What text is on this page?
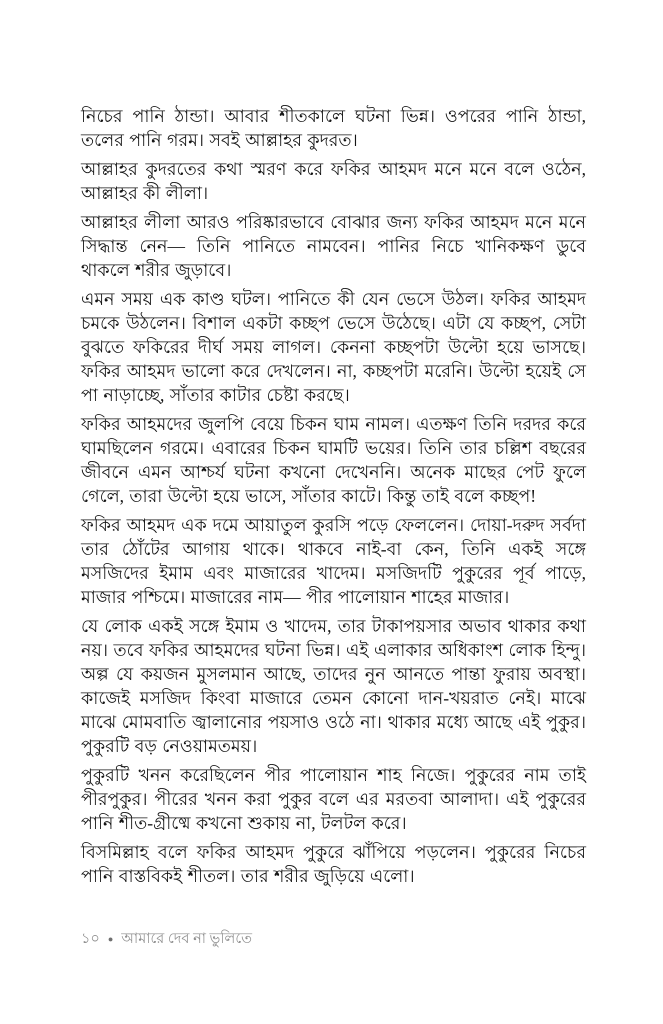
নিচের পানি ঠান্ডা। আবার শীতকালে ঘটনা ভিন্ন। ওপরের পানি ঠান্ডা, তলের পানি গরম। সবই আল্লাহর কুদরত।

আল্লাহর কুদরতের কথা স্মরণ করে ফকির আহমদ মনে মনে বলে ওঠেন, আল্লাহর কী লীলা।

আল্লাহর লীলা আরও পরিষ্কারভাবে বোঝার জন্য ফকির আহমদ মনে মনে সিদ্ধান্ত নেন— তিনি পানিতে নামবেন। পানির নিচে খানিকক্ষণ ডুবে থাকলে শরীর জুড়াবে।

এমন সময় এক কাণ্ড ঘটল। পানিতে কী যেন ভেসে উঠল। ফকির আহমদ চমকে উঠলেন। বিশাল একটা কচ্ছপ ভেসে উঠেছে। এটা যে কচ্ছপ, সেটা বুঝতে ফকিরের দীর্ঘ সময় লাগল। কেননা কচ্ছপটা উল্টো হয়ে ভাসছে। ফকির আহমদ ভালো করে দেখলেন। না, কচ্ছপটা মরেনি। উল্টো হয়েই সে পা নাড়াচ্ছে, সাঁতার কাটার চেষ্টা করছে।

ফকির আহমদের জুলপি বেয়ে চিকন ঘাম নামল। এতক্ষণ তিনি দরদর করে ঘামছিলেন গরমে। এবারের চিকন ঘামটি ভয়ের। তিনি তার চল্লিশ বছরের জীবনে এমন আশ্চর্য ঘটনা কখনো দেখেননি। অনেক মাছের পেট ফুলে গেলে, তারা উল্টো হয়ে ভাসে, সাঁতার কাটে। কিন্তু তাই বলে কচ্ছপ!

ফকির আহমদ এক দমে আয়াতুল কুরসি পড়ে ফেললেন। দোয়া-দরুদ সর্বদা তার ঠোঁটের আগায় থাকে। থাকবে নাই-বা কেন, তিনি একই সঙ্গে মসজিদের ইমাম এবং মাজারের খাদেম। মসজিদটি পুকুরের পূর্ব পাড়ে, মাজার পশ্চিমে। মাজারের নাম— পীর পালোয়ান শাহের মাজার।

যে লোক একই সঙ্গে ইমাম ও খাদেম, তার টাকাপয়সার অভাব থাকার কথা নয়। তবে ফকির আহমদের ঘটনা ভিন্ন। এই এলাকার অধিকাংশ লোক হিন্দু। অল্প যে কয়জন মুসলমান আছে, তাদের নুন আনতে পান্তা ফুরায় অবস্থা। কাজেই মসজিদ কিংবা মাজারে তেমন কোনো দান-খয়রাত নেই। মাঝে মাঝে মোমবাতি জ্বালানোর পয়সাও ওঠে না। থাকার মধ্যে আছে এই পুকুর। পুকুরটি বড় নেওয়ামতময়।

পুকুরটি খনন করেছিলেন পীর পালোয়ান শাহ নিজে। পুকুরের নাম তাই পীরপুকুর। পীরের খনন করা পুকুর বলে এর মরতবা আলাদা। এই পুকুরের পানি শীত-গ্রীষ্মে কখনো শুকায় না, টলটল করে।

বিসমিল্লাহ বলে ফকির আহমদ পুকুরে ঝাঁপিয়ে পড়লেন। পুকুরের নিচের পানি বাস্তবিকই শীতল। তার শরীর জুড়িয়ে এলো।

১০ ● আমারে দেব না ভুলিতে
